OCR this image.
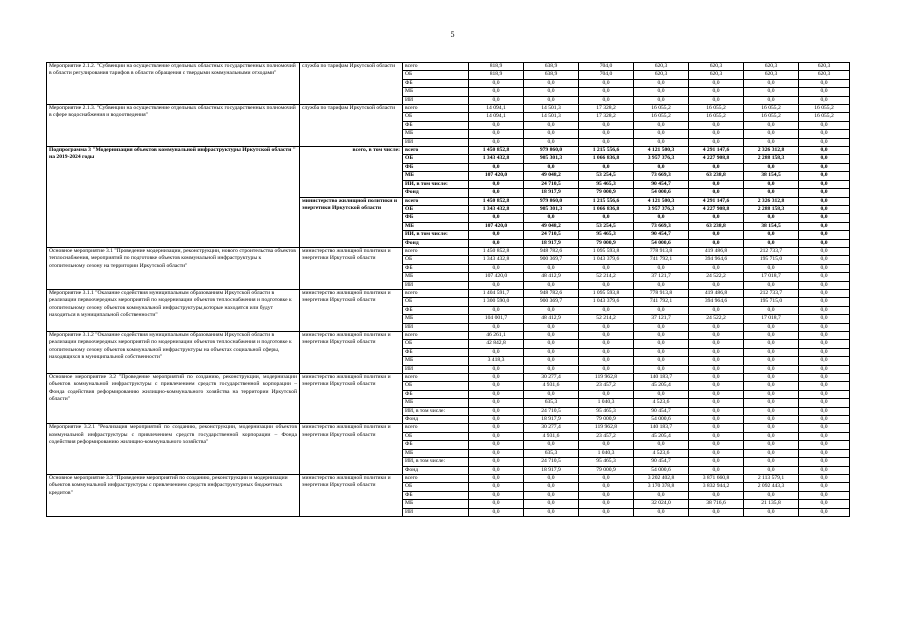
5
Мероприятие 2.1.2. "Субвенции на осуществление отдельных областных государственных полномочий в области регулирования тарифов в области обращения с твердыми коммунальными отходами"	служба по тарифам Иркутской области	всего	818,9	638,9	704,0	620,3	620,3	620,3	620,3
		ОБ	818,9	638,9	704,0	620,3	620,3	620,3	620,3
		ФБ	0,0	0,0	0,0	0,0	0,0	0,0	0,0
		МБ	0,0	0,0	0,0	0,0	0,0	0,0	0,0
		ИИ	0,0	0,0	0,0	0,0	0,0	0,0	0,0
Мероприятие 2.1.3. "Субвенции на осуществление отдельных областных государственных полномочий в сфере водоснабжения и водоотведения"	служба по тарифам Иркутской области	всего	14 094,1	14 501,3	17 328,2	16 055,2	16 055,2	16 055,2	16 055,2
		ОБ	14 094,1	14 501,3	17 328,2	16 055,2	16 055,2	16 055,2	16 055,2
		ФБ	0,0	0,0	0,0	0,0	0,0	0,0	0,0
		МБ	0,0	0,0	0,0	0,0	0,0	0,0	0,0
		ИИ	0,0	0,0	0,0	0,0	0,0	0,0	0,0
Подпрограмма 3 "Модернизация объектов коммунальной инфраструктуры Иркутской области " на 2019-2024 годы	всего, в том числе:	всего	1 450 852,8	979 860,0	1 215 556,6	4 121 500,3	4 291 147,6	2 326 312,8	0,0
		ОБ	1 343 432,8	905 301,3	1 066 836,8	3 957 376,3	4 227 908,8	2 288 158,3	0,0
		ФБ	0,0	0,0	0,0	0,0	0,0	0,0	0,0
		МБ	107 420,0	49 048,2	53 254,5	73 669,3	63 238,8	38 154,5	0,0
		ИИ, в том числе:	0,0	24 710,5	95 465,3	90 454,7	0,0	0,0	0,0
		Фонд	0,0	18 917,9	79 000,9	54 000,6	0,0	0,0	0,0
	министерство жилищной политики и энергетики Иркутской области	всего	1 450 852,8	979 860,0	1 215 556,6	4 121 500,3	4 291 147,6	2 326 312,8	0,0
		ОБ	1 343 432,8	905 301,3	1 066 836,8	3 957 376,3	4 227 908,8	2 288 158,3	0,0
		ФБ	0,0	0,0	0,0	0,0	0,0	0,0	0,0
		МБ	107 420,0	49 048,2	53 254,5	73 669,3	63 238,8	38 154,5	0,0
		ИИ, в том числе:	0,0	24 710,5	95 465,3	90 454,7	0,0	0,0	0,0
		Фонд	0,0	18 917,9	79 000,9	54 000,6	0,0	0,0	0,0
Основное мероприятие 3.1 "Проведение модернизации, реконструкции, нового строительства объектов теплоснабжения, мероприятий по подготовке объектов коммунальной инфраструктуры к отопительному сезону на территории Иркутской области"	министерство жилищной политики и энергетики Иркутской области	всего	1 450 852,8	948 782,6	1 095 593,8	778 913,8	419 486,8	212 733,7	0,0
		ОБ	1 343 432,8	900 369,7	1 043 379,6	741 792,1	394 964,6	195 715,0	0,0
		ФБ	0,0	0,0	0,0	0,0	0,0	0,0	0,0
		МБ	107 420,0	48 412,9	52 214,2	37 121,7	24 522,2	17 018,7	0,0
		ИИ	0,0	0,0	0,0	0,0	0,0	0,0	0,0
Мероприятие 3.1.1 "Оказание содействия муниципальным образованиям Иркутской области в реализации первоочередных мероприятий по модернизации объектов теплоснабжения и подготовке к отопительному сезону объектов коммунальной инфраструктуры,которые находятся или будут находиться в муниципальной собственности"	министерство жилищной политики и энергетики Иркутской области	всего	1 404 591,7	948 782,6	1 095 593,8	778 913,8	419 486,8	212 733,7	0,0
		ОБ	1 300 590,0	900 369,7	1 043 379,6	741 792,1	394 964,6	195 715,0	0,0
		ФБ	0,0	0,0	0,0	0,0	0,0	0,0	0,0
		МБ	104 001,7	48 412,9	52 214,2	37 121,7	24 522,2	17 018,7	0,0
		ИИ	0,0	0,0	0,0	0,0	0,0	0,0	0,0
Мероприятие 3.1.2 "Оказание содействия муниципальным образованиям Иркутской области в реализации первоочередных мероприятий по модернизации объектов теплоснабжения и подготовке к отопительному сезону объектов коммунальной инфраструктуры на объектах социальной сферы, находящихся в муниципальной собственности"	министерство жилищной политики и энергетики Иркутской области	всего	46 261,1	0,0	0,0	0,0	0,0	0,0	0,0
		ОБ	42 842,8	0,0	0,0	0,0	0,0	0,0	0,0
		ФБ	0,0	0,0	0,0	0,0	0,0	0,0	0,0
		МБ	3 418,3	0,0	0,0	0,0	0,0	0,0	0,0
		ИИ	0,0	0,0	0,0	0,0	0,0	0,0	0,0
Основное мероприятие 3.2 "Проведение мероприятий по созданию, реконструкции, модернизации объектов коммунальной инфраструктуры с привлечением средств государственной корпорации – Фонда содействия реформированию жилищно-коммунального хозяйства на территории Иркутской области"	министерство жилищной политики и энергетики Иркутской области	всего	0,0	30 277,4	119 962,8	140 183,7	0,0	0,0	0,0
		ОБ	0,0	4 931,6	23 457,2	45 205,4	0,0	0,0	0,0
		ФБ	0,0	0,0	0,0	0,0	0,0	0,0	0,0
		МБ	0,0	635,3	1 040,3	4 523,6	0,0	0,0	0,0
		ИИ, в том числе:	0,0	24 710,5	95 465,3	90 454,7	0,0	0,0	0,0
		Фонд	0,0	18 917,9	79 000,9	54 000,6	0,0	0,0	0,0
Мероприятие 3.2.1 "Реализация мероприятий по созданию, реконструкции, модернизации объектов коммунальной инфраструктуры с привлечением средств государственной корпорации – Фонда содействия реформированию жилищно-коммунального хозяйства"	министерство жилищной политики и энергетики Иркутской области	всего	0,0	30 277,4	119 962,8	140 183,7	0,0	0,0	0,0
		ОБ	0,0	4 931,6	23 457,2	45 205,4	0,0	0,0	0,0
		ФБ	0,0	0,0	0,0	0,0	0,0	0,0	0,0
		МБ	0,0	635,3	1 040,3	4 523,6	0,0	0,0	0,0
		ИИ, в том числе:	0,0	24 710,5	95 465,3	90 454,7	0,0	0,0	0,0
		Фонд	0,0	18 917,9	79 000,9	54 000,6	0,0	0,0	0,0
Основное мероприятие 3.3 "Проведение мероприятий по созданию, реконструкции и модернизации объектов коммунальной инфраструктуры с привлечением средств инфраструктурных бюджетных кредитов"	министерство жилищной политики и энергетики Иркутской области	всего	0,0	0,0	0,0	3 202 402,8	3 871 660,8	2 113 579,1	0,0
		ОБ	0,0	0,0	0,0	3 170 378,8	3 832 944,2	2 092 443,3	0,0
		ФБ	0,0	0,0	0,0	0,0	0,0	0,0	0,0
		МБ	0,0	0,0	0,0	32 024,0	38 716,6	21 135,8	0,0
		ИИ	0,0	0,0	0,0	0,0	0,0	0,0	0,0
